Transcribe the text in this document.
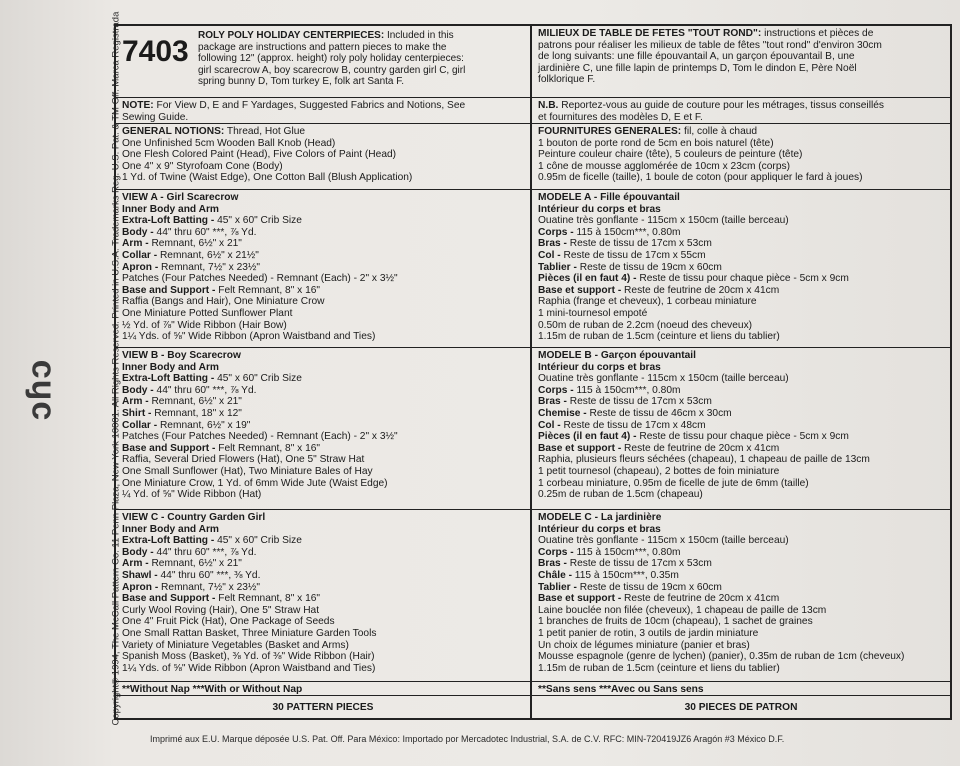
ɔɦɔ	Copyright© 1994, The McCall Pattern Co. 11 Penn Plaza, New York 10001. All Rights Reserved. Printed in U.S.A. Trademarks Reg. U.S. Pat. & TM Off. Marca Registrada 7403 ROLY POLY HOLIDAY CENTERPIECES: Included in this
package are instructions and pattern pieces to make the
following 12" (approx. height) roly poly holiday centerpieces:
girl scarecrow A, boy scarecrow B, country garden girl C, girl
spring bunny D, Tom turkey E, folk art Santa F.
NOTE: For View D, E and F Yardages, Suggested Fabrics and Notions, See
Sewing Guide.
GENERAL NOTIONS: Thread, Hot Glue
One Unfinished 5cm Wooden Ball Knob (Head)
One Flesh Colored Paint (Head), Five Colors of Paint (Head)
One 4" x 9" Styrofoam Cone (Body)
1 Yd. of Twine (Waist Edge), One Cotton Ball (Blush Application)
VIEW A - Girl Scarecrow
Inner Body and Arm
Extra-Loft Batting - 45" x 60" Crib Size
Body - 44" thru 60" ***, ⅞ Yd.
Arm - Remnant, 6½" x 21"
Collar - Remnant, 6½" x 21½"
Apron - Remnant, 7½" x 23½"
Patches (Four Patches Needed) - Remnant (Each) - 2" x 3½"
Base and Support - Felt Remnant, 8" x 16"
Raffia (Bangs and Hair), One Miniature Crow
One Miniature Potted Sunflower Plant
½ Yd. of ⅞" Wide Ribbon (Hair Bow)
1¼ Yds. of ⅝" Wide Ribbon (Apron Waistband and Ties)
VIEW B - Boy Scarecrow
Inner Body and Arm
Extra-Loft Batting - 45" x 60" Crib Size
Body - 44" thru 60" ***, ⅞ Yd.
Arm - Remnant, 6½" x 21"
Shirt - Remnant, 18" x 12"
Collar - Remnant, 6½" x 19"
Patches (Four Patches Needed) - Remnant (Each) - 2" x 3½"
Base and Support - Felt Remnant, 8" x 16"
Raffia, Several Dried Flowers (Hat), One 5" Straw Hat
One Small Sunflower (Hat), Two Miniature Bales of Hay
One Miniature Crow, 1 Yd. of 6mm Wide Jute (Waist Edge)
¼ Yd. of ⅝" Wide Ribbon (Hat)
VIEW C - Country Garden Girl
Inner Body and Arm
Extra-Loft Batting - 45" x 60" Crib Size
Body - 44" thru 60" ***, ⅞ Yd.
Arm - Remnant, 6½" x 21"
Shawl - 44" thru 60" ***, ⅜ Yd.
Apron - Remnant, 7½" x 23½"
Base and Support - Felt Remnant, 8" x 16"
Curly Wool Roving (Hair), One 5" Straw Hat
One 4" Fruit Pick (Hat), One Package of Seeds
One Small Rattan Basket, Three Miniature Garden Tools
Variety of Miniature Vegetables (Basket and Arms)
Spanish Moss (Basket), ⅜ Yd. of ⅜" Wide Ribbon (Hair)
1¼ Yds. of ⅝" Wide Ribbon (Apron Waistband and Ties)
**Without Nap ***With or Without Nap
30 PATTERN PIECES
MILIEUX DE TABLE DE FETES "TOUT ROND": instructions et pièces de
patrons pour réaliser les milieux de table de fêtes "tout rond" d'environ 30cm
de long suivants: une fille épouvantail A, un garçon épouvantail B, une
jardinière C, une fille lapin de printemps D, Tom le dindon E, Père Noël
folklorique F.
N.B. Reportez-vous au guide de couture pour les métrages, tissus conseillés
et fournitures des modèles D, E et F.
FOURNITURES GENERALES: fil, colle à chaud
1 bouton de porte rond de 5cm en bois naturel (tête)
Peinture couleur chaire (tête), 5 couleurs de peinture (tête)
1 cône de mousse agglomérée de 10cm x 23cm (corps)
0.95m de ficelle (taille), 1 boule de coton (pour appliquer le fard à joues)
MODELE A - Fille épouvantail
Intérieur du corps et bras
Ouatine très gonflante - 115cm x 150cm (taille berceau)
Corps - 115 à 150cm***, 0.80m
Bras - Reste de tissu de 17cm x 53cm
Col - Reste de tissu de 17cm x 55cm
Tablier - Reste de tissu de 19cm x 60cm
Pièces (il en faut 4) - Reste de tissu pour chaque pièce - 5cm x 9cm
Base et support - Reste de feutrine de 20cm x 41cm
Raphia (frange et cheveux), 1 corbeau miniature
1 mini-tournesol empoté
0.50m de ruban de 2.2cm (noeud des cheveux)
1.15m de ruban de 1.5cm (ceinture et liens du tablier)
MODELE B - Garçon épouvantail
Intérieur du corps et bras
Ouatine très gonflante - 115cm x 150cm (taille berceau)
Corps - 115 à 150cm***, 0.80m
Bras - Reste de tissu de 17cm x 53cm
Chemise - Reste de tissu de 46cm x 30cm
Col - Reste de tissu de 17cm x 48cm
Pièces (il en faut 4) - Reste de tissu pour chaque pièce - 5cm x 9cm
Base et support - Reste de feutrine de 20cm x 41cm
Raphia, plusieurs fleurs séchées (chapeau), 1 chapeau de paille de 13cm
1 petit tournesol (chapeau), 2 bottes de foin miniature
1 corbeau miniature, 0.95m de ficelle de jute de 6mm (taille)
0.25m de ruban de 1.5cm (chapeau)
MODELE C - La jardinière
Intérieur du corps et bras
Ouatine très gonflante - 115cm x 150cm (taille berceau)
Corps - 115 à 150cm***, 0.80m
Bras - Reste de tissu de 17cm x 53cm
Châle - 115 à 150cm***, 0.35m
Tablier - Reste de tissu de 19cm x 60cm
Base et support - Reste de feutrine de 20cm x 41cm
Laine bouclée non filée (cheveux), 1 chapeau de paille de 13cm
1 branches de fruits de 10cm (chapeau), 1 sachet de graines
1 petit panier de rotin, 3 outils de jardin miniature
Un choix de légumes miniature (panier et bras)
Mousse espagnole (genre de lychen) (panier), 0.35m de ruban de 1cm (cheveux)
1.15m de ruban de 1.5cm (ceinture et liens du tablier)
**Sans sens ***Avec ou Sans sens
30 PIECES DE PATRON
Imprimé aux E.U. Marque déposée U.S. Pat. Off. Para México: Importado por Mercadotec Industrial, S.A. de C.V. RFC: MIN-720419JZ6 Aragón #3 México D.F.
